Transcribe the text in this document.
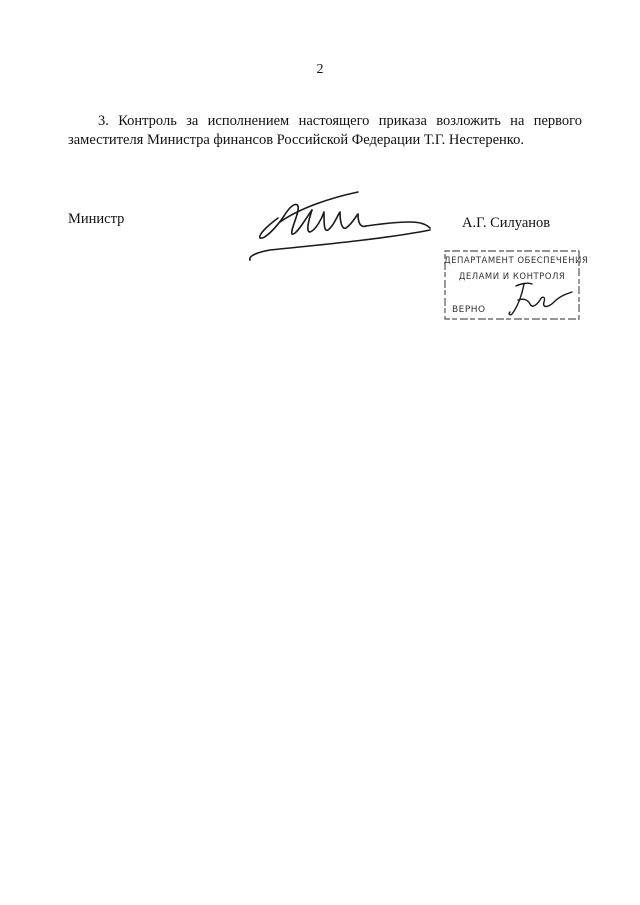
2
3. Контроль за исполнением настоящего приказа возложить на первого
заместителя Министра финансов Российской Федерации Т.Г. Нестеренко.
Министр	А.Г. Силуанов
ДЕПАРТАМЕНТ ОБЕСПЕЧЕНИЯ
ДЕЛАМИ И КОНТРОЛЯ
ВЕРНО
